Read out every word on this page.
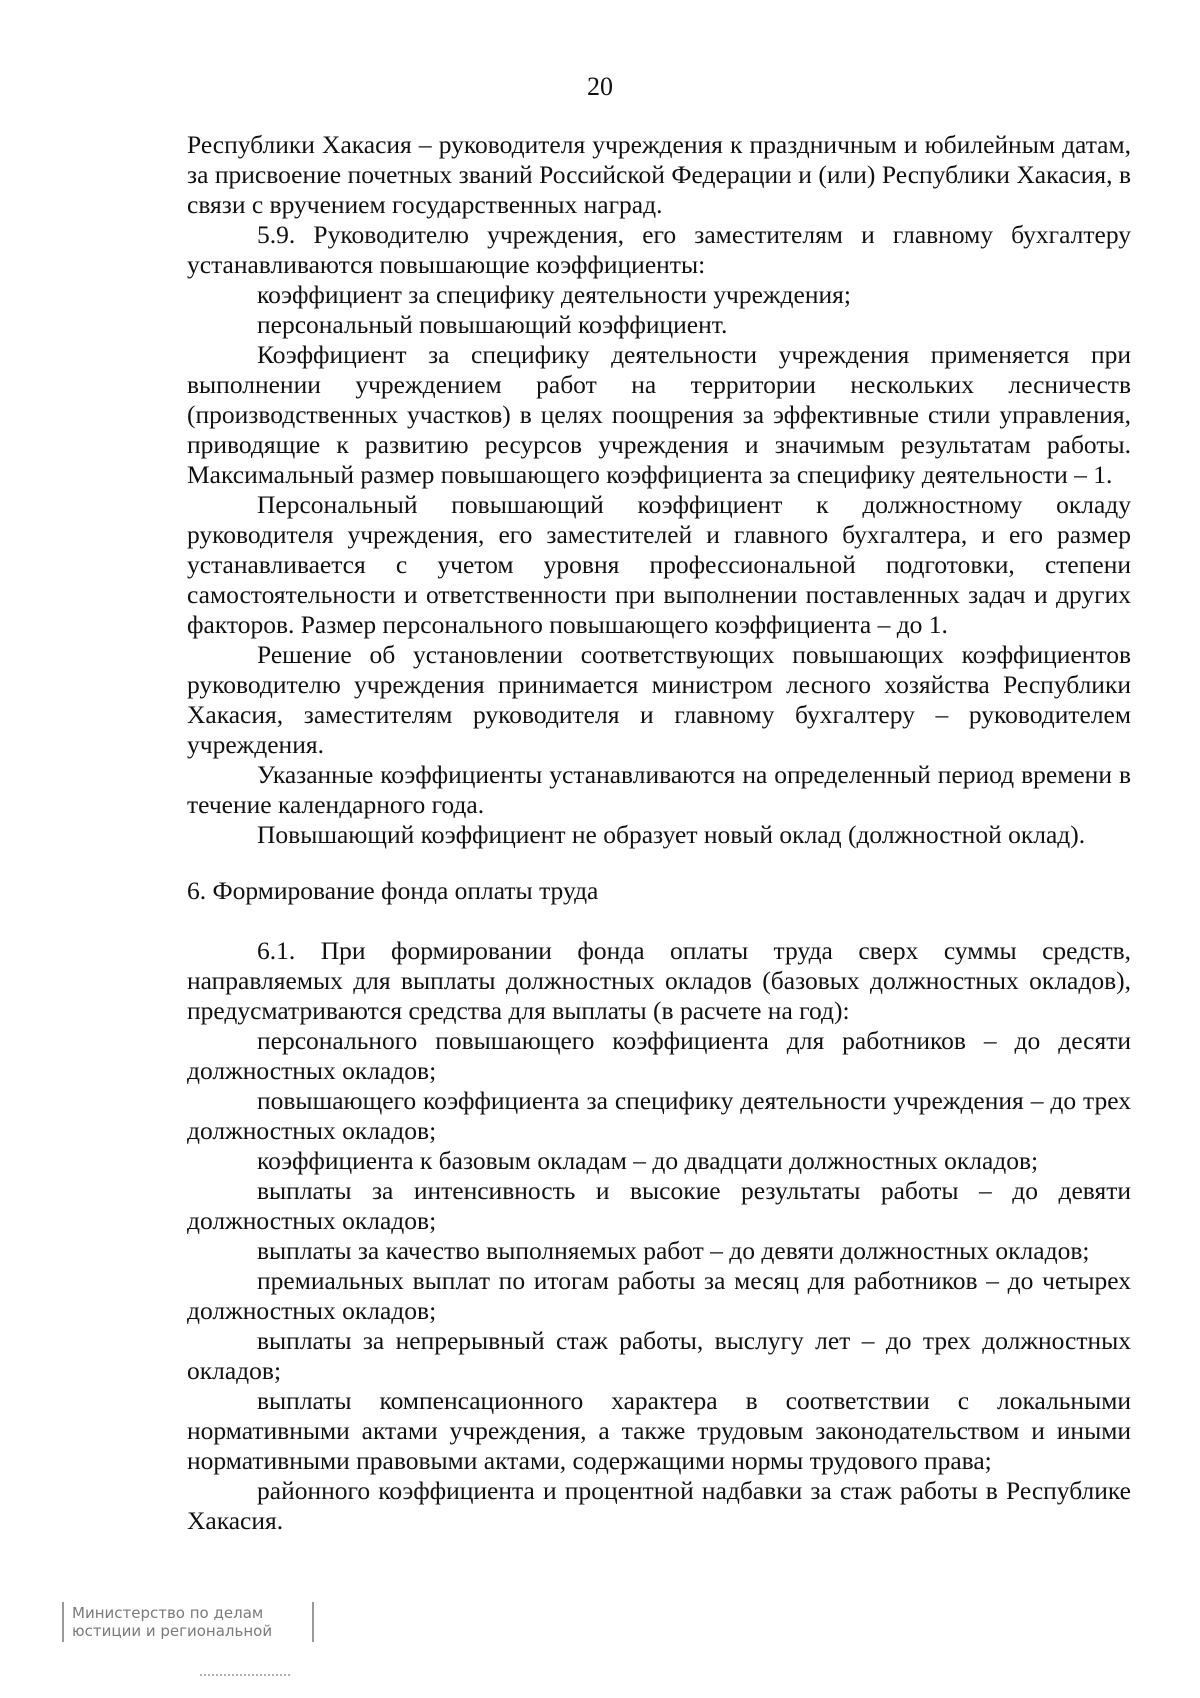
20

Республики Хакасия – руководителя учреждения к праздничным и юбилейным датам, за присвоение почетных званий Российской Федерации и (или) Республики Хакасия, в связи с вручением государственных наград.

5.9. Руководителю учреждения, его заместителям и главному бухгалтеру устанавливаются повышающие коэффициенты:

коэффициент за специфику деятельности учреждения;

персональный повышающий коэффициент.

Коэффициент за специфику деятельности учреждения применяется при выполнении учреждением работ на территории нескольких лесничеств (производственных участков) в целях поощрения за эффективные стили управления, приводящие к развитию ресурсов учреждения и значимым результатам работы. Максимальный размер повышающего коэффициента за специфику деятельности – 1.

Персональный повышающий коэффициент к должностному окладу руководителя учреждения, его заместителей и главного бухгалтера, и его размер устанавливается с учетом уровня профессиональной подготовки, степени самостоятельности и ответственности при выполнении поставленных задач и других факторов. Размер персонального повышающего коэффициента – до 1.

Решение об установлении соответствующих повышающих коэффициентов руководителю учреждения принимается министром лесного хозяйства Республики Хакасия, заместителям руководителя и главному бухгалтеру – руководителем учреждения.

Указанные коэффициенты устанавливаются на определенный период времени в течение календарного года.

Повышающий коэффициент не образует новый оклад (должностной оклад).

6. Формирование фонда оплаты труда

6.1. При формировании фонда оплаты труда сверх суммы средств, направляемых для выплаты должностных окладов (базовых должностных окладов), предусматриваются средства для выплаты (в расчете на год):

персонального повышающего коэффициента для работников – до десяти должностных окладов;

повышающего коэффициента за специфику деятельности учреждения – до трех должностных окладов;

коэффициента к базовым окладам – до двадцати должностных окладов;

выплаты за интенсивность и высокие результаты работы – до девяти должностных окладов;

выплаты за качество выполняемых работ – до девяти должностных окладов;

премиальных выплат по итогам работы за месяц для работников – до четырех должностных окладов;

выплаты за непрерывный стаж работы, выслугу лет – до трех должностных окладов;

выплаты компенсационного характера в соответствии с локальными нормативными актами учреждения, а также трудовым законодательством и иными нормативными правовыми актами, содержащими нормы трудового права;

районного коэффициента и процентной надбавки за стаж работы в Республике Хакасия.

Министерство по делам
юстиции и региональной
